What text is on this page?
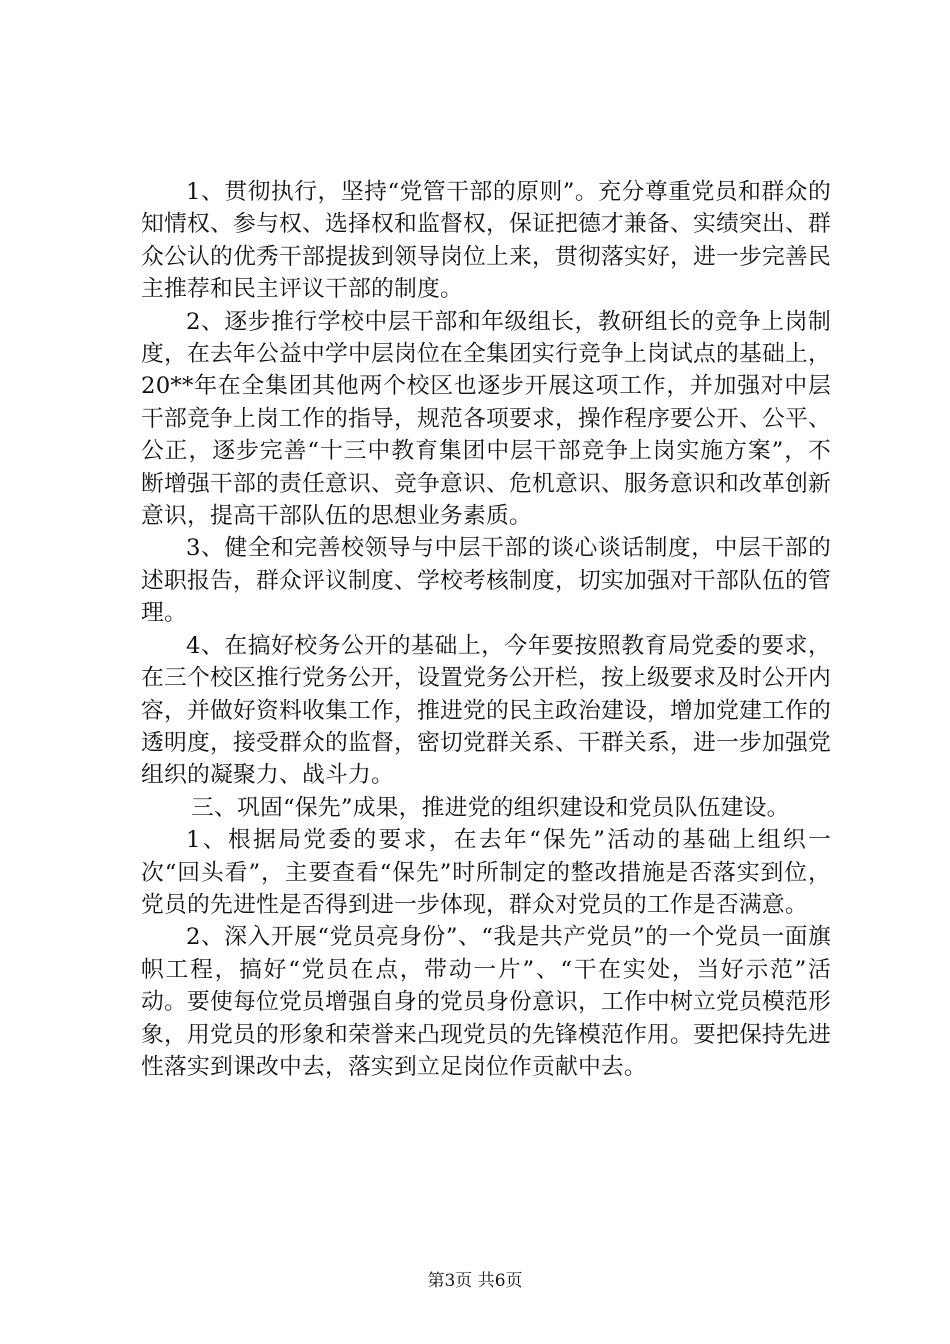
1、贯彻执行，坚持“党管干部的原则”。充分尊重党员和群众的知情权、参与权、选择权和监督权，保证把德才兼备、实绩突出、群众公认的优秀干部提拔到领导岗位上来，贯彻落实好，进一步完善民主推荐和民主评议干部的制度。

2、逐步推行学校中层干部和年级组长，教研组长的竞争上岗制度，在去年公益中学中层岗位在全集团实行竞争上岗试点的基础上，20**年在全集团其他两个校区也逐步开展这项工作，并加强对中层干部竞争上岗工作的指导，规范各项要求，操作程序要公开、公平、公正，逐步完善“十三中教育集团中层干部竞争上岗实施方案”，不断增强干部的责任意识、竞争意识、危机意识、服务意识和改革创新意识，提高干部队伍的思想业务素质。

3、健全和完善校领导与中层干部的谈心谈话制度，中层干部的述职报告，群众评议制度、学校考核制度，切实加强对干部队伍的管理。

4、在搞好校务公开的基础上，今年要按照教育局党委的要求，在三个校区推行党务公开，设置党务公开栏，按上级要求及时公开内容，并做好资料收集工作，推进党的民主政治建设，增加党建工作的透明度，接受群众的监督，密切党群关系、干群关系，进一步加强党组织的凝聚力、战斗力。

三、巩固“保先”成果，推进党的组织建设和党员队伍建设。

1、根据局党委的要求，在去年“保先”活动的基础上组织一次“回头看”，主要查看“保先”时所制定的整改措施是否落实到位，党员的先进性是否得到进一步体现，群众对党员的工作是否满意。

2、深入开展“党员亮身份”、“我是共产党员”的一个党员一面旗帜工程，搞好“党员在点，带动一片”、“干在实处，当好示范”活动。要使每位党员增强自身的党员身份意识，工作中树立党员模范形象，用党员的形象和荣誉来凸现党员的先锋模范作用。要把保持先进性落实到课改中去，落实到立足岗位作贡献中去。

第3页 共6页
